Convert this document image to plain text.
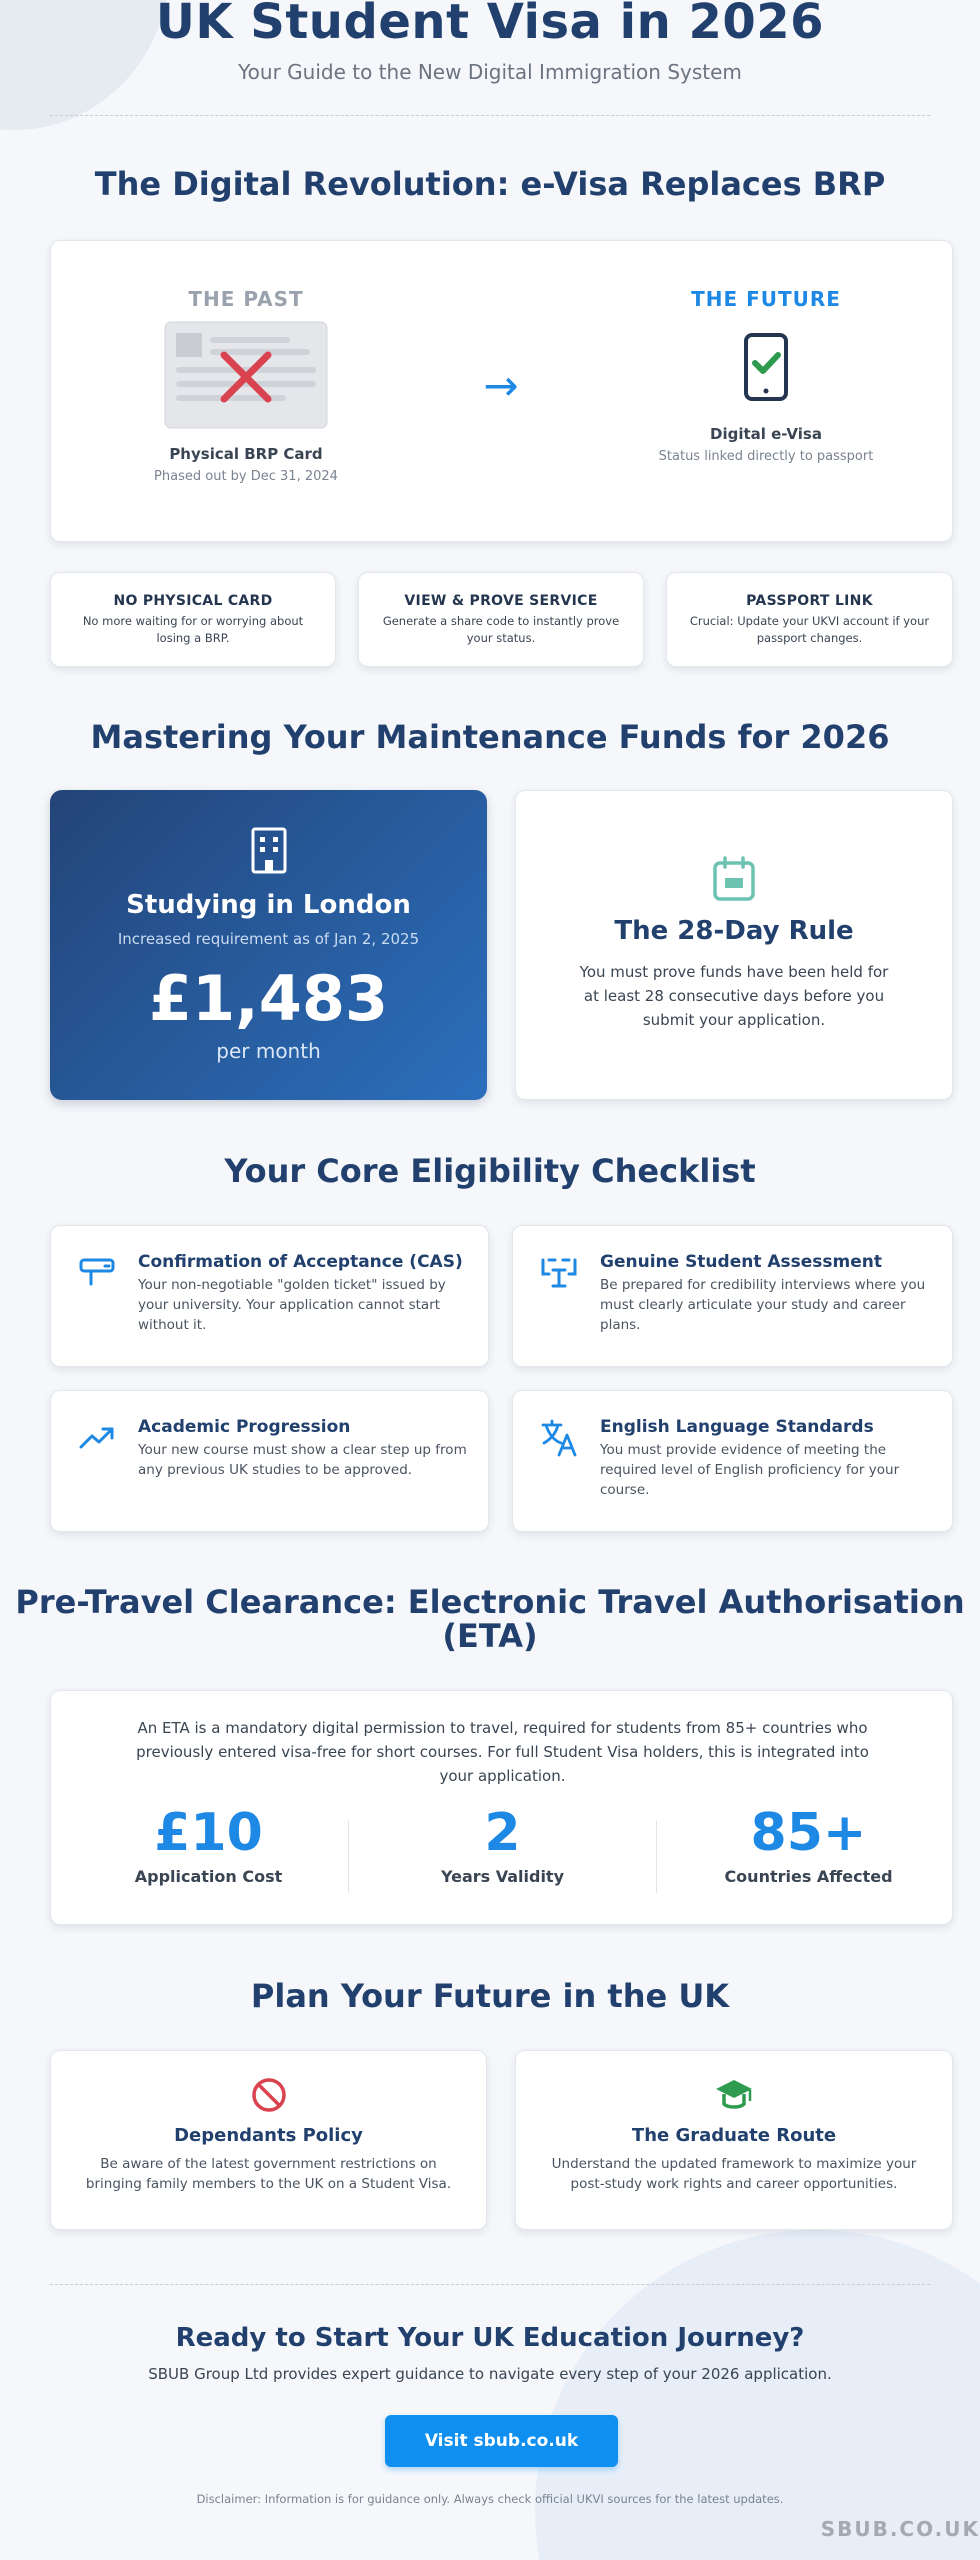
UK Student Visa in 2026
Your Guide to the New Digital Immigration System
The Digital Revolution: e-Visa Replaces BRP
THE PAST
Physical BRP Card
Phased out by Dec 31, 2024
→
THE FUTURE
Digital e-Visa
Status linked directly to passport
NO PHYSICAL CARD
No more waiting for or worrying about losing a BRP.
VIEW & PROVE SERVICE
Generate a share code to instantly prove your status.
PASSPORT LINK
Crucial: Update your UKVI account if your passport changes.
Mastering Your Maintenance Funds for 2026
Studying in London
Increased requirement as of Jan 2, 2025
£1,483
per month
The 28-Day Rule
You must prove funds have been held for at least 28 consecutive days before you submit your application.
Your Core Eligibility Checklist
Confirmation of Acceptance (CAS)
Your non-negotiable "golden ticket" issued by your university. Your application cannot start without it.
Genuine Student Assessment
Be prepared for credibility interviews where you must clearly articulate your study and career plans.
Academic Progression
Your new course must show a clear step up from any previous UK studies to be approved.
English Language Standards
You must provide evidence of meeting the required level of English proficiency for your course.
Pre-Travel Clearance: Electronic Travel Authorisation
(ETA)
An ETA is a mandatory digital permission to travel, required for students from 85+ countries who previously entered visa-free for short courses. For full Student Visa holders, this is integrated into your application.
£10
Application Cost
2
Years Validity
85+
Countries Affected
Plan Your Future in the UK
Dependants Policy
Be aware of the latest government restrictions on bringing family members to the UK on a Student Visa.
The Graduate Route
Understand the updated framework to maximize your post-study work rights and career opportunities.
Ready to Start Your UK Education Journey?
SBUB Group Ltd provides expert guidance to navigate every step of your 2026 application.
Visit sbub.co.uk
Disclaimer: Information is for guidance only. Always check official UKVI sources for the latest updates.
SBUB.CO.UK
